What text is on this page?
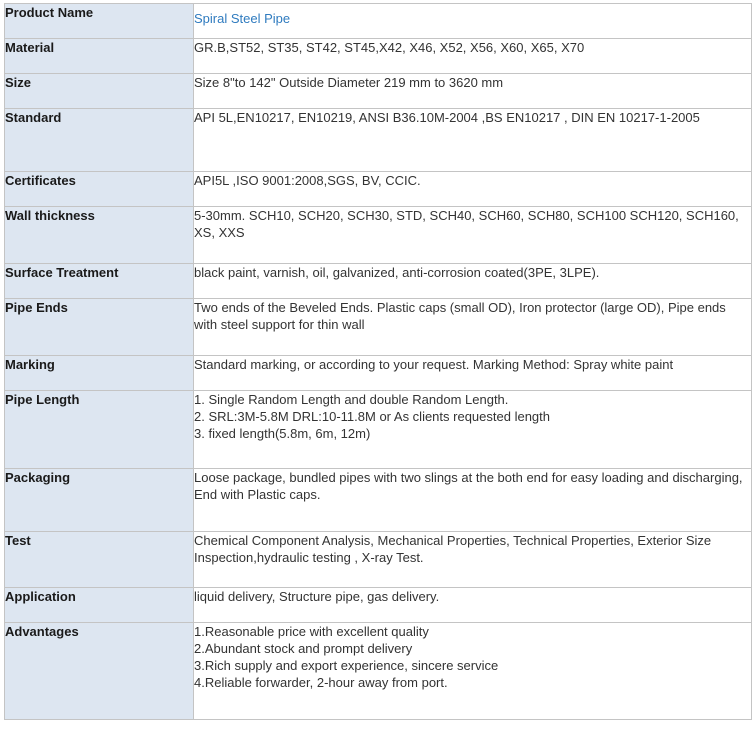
Product Name	Spiral Steel Pipe

Material	GR.B,ST52, ST35, ST42, ST45,X42, X46, X52, X56, X60, X65, X70

Size	Size 8"to 142" Outside Diameter 219 mm to 3620 mm

Standard	API 5L,EN10217, EN10219, ANSI B36.10M-2004 ,BS EN10217 , DIN EN 10217-1-2005

Certificates	API5L ,ISO 9001:2008,SGS, BV, CCIC.

Wall thickness	5-30mm. SCH10, SCH20, SCH30, STD, SCH40, SCH60, SCH80, SCH100 SCH120, SCH160, XS, XXS

Surface Treatment	black paint, varnish, oil, galvanized, anti-corrosion coated(3PE, 3LPE).

Pipe Ends	Two ends of the Beveled Ends. Plastic caps (small OD), Iron protector (large OD), Pipe ends with steel support for thin wall

Marking	Standard marking, or according to your request. Marking Method: Spray white paint

Pipe Length	1. Single Random Length and double Random Length.
2. SRL:3M-5.8M DRL:10-11.8M or As clients requested length
3. fixed length(5.8m, 6m, 12m)

Packaging	Loose package, bundled pipes with two slings at the both end for easy loading and discharging, End with Plastic caps.

Test	Chemical Component Analysis, Mechanical Properties, Technical Properties, Exterior Size Inspection,hydraulic testing , X-ray Test.

Application	liquid delivery, Structure pipe, gas delivery.

Advantages	1.Reasonable price with excellent quality
2.Abundant stock and prompt delivery
3.Rich supply and export experience, sincere service
4.Reliable forwarder, 2-hour away from port.
